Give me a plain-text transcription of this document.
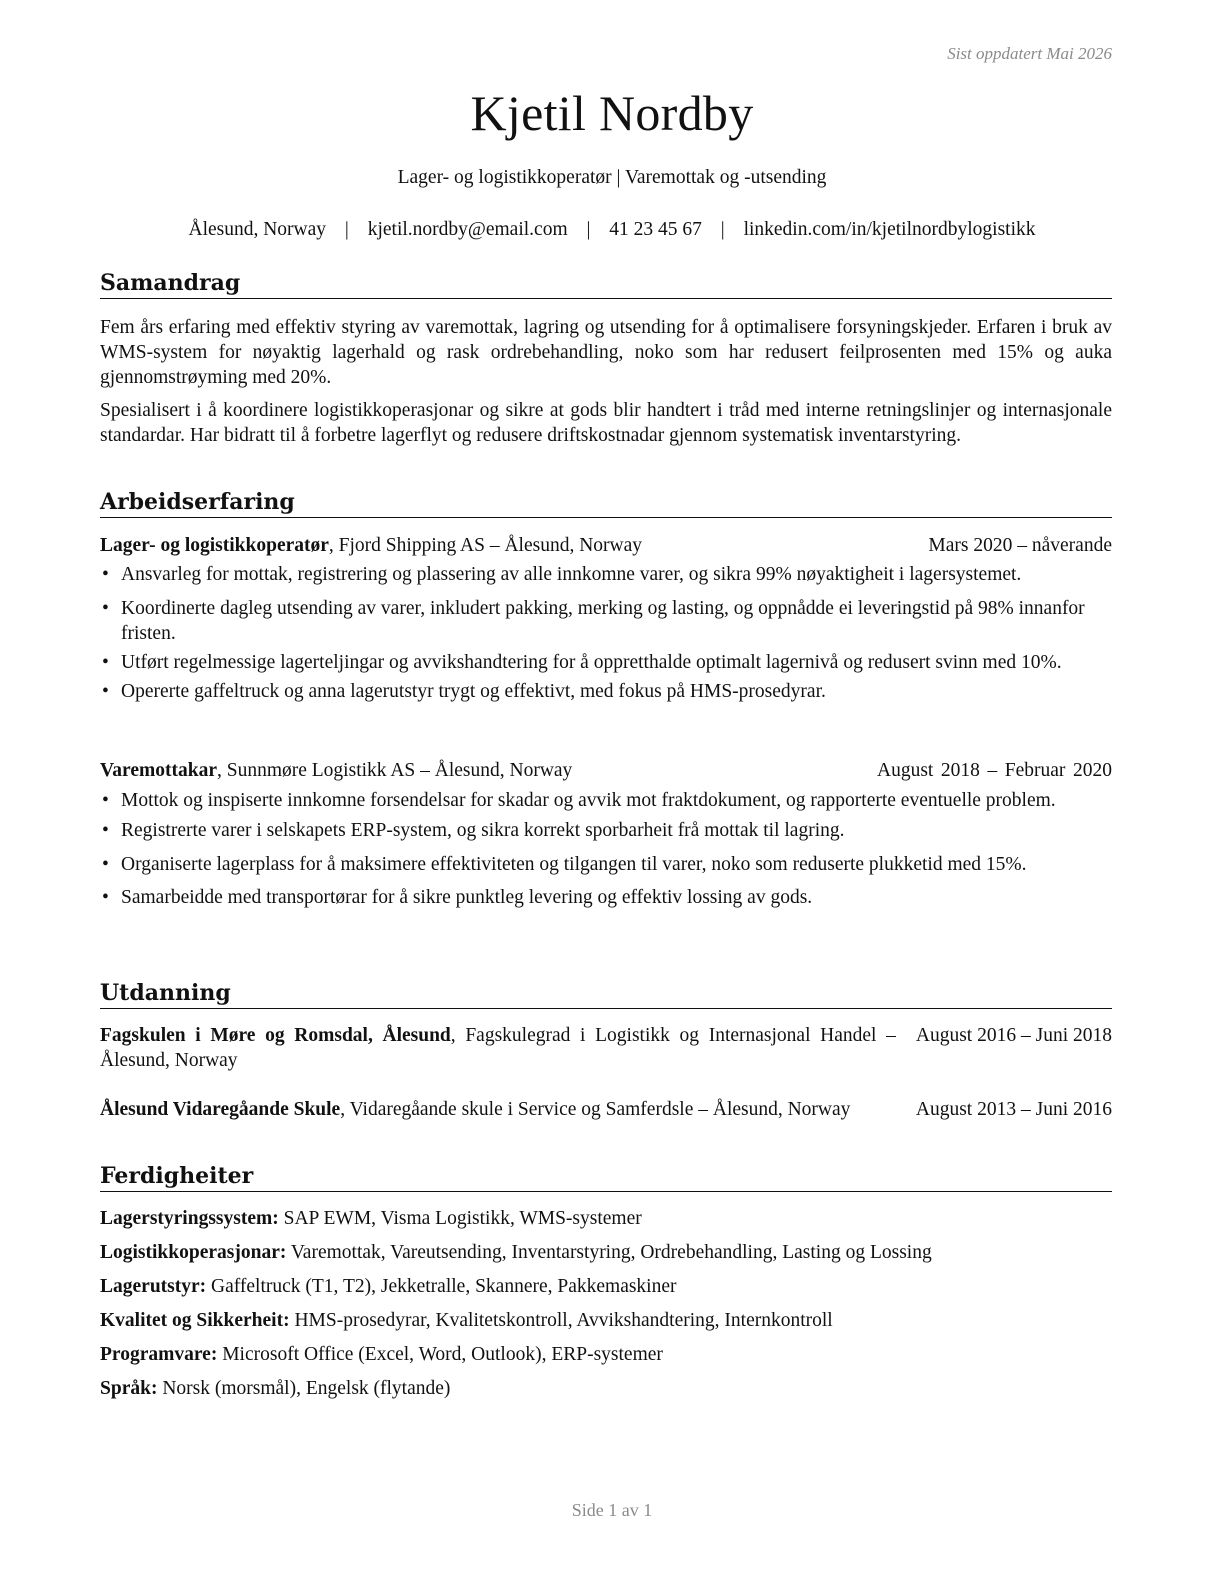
Sist oppdatert Mai 2026
Kjetil Nordby
Lager- og logistikkoperatør | Varemottak og -utsending
Ålesund, Norway | kjetil.nordby@email.com | 41 23 45 67 | linkedin.com/in/kjetilnordbylogistikk
Samandrag

Fem års erfaring med effektiv styring av varemottak, lagring og utsending for å optimalisere forsyningskjeder. Erfaren i bruk av WMS-system for nøyaktig lagerhald og rask ordrebehandling, noko som har redusert feilprosenten med 15% og auka gjennomstrøyming med 20%.

Spesialisert i å koordinere logistikkoperasjonar og sikre at gods blir handtert i tråd med interne retningslinjer og internasjonale standardar. Har bidratt til å forbetre lagerflyt og redusere driftskostnadar gjennom systematisk inventarstyring.

Arbeidserfaring
Lager- og logistikkoperatør, Fjord Shipping AS – Ålesund, Norway	Mars 2020 – nåverande
• Ansvarleg for mottak, registrering og plassering av alle innkomne varer, og sikra 99% nøyaktigheit i lagersystemet.
• Koordinerte dagleg utsending av varer, inkludert pakking, merking og lasting, og oppnådde ei leveringstid på 98% innanfor fristen.
• Utført regelmessige lagerteljingar og avvikshandtering for å oppretthalde optimalt lagernivå og redusert svinn med 10%.
• Opererte gaffeltruck og anna lagerutstyr trygt og effektivt, med fokus på HMS-prosedyrar.
Varemottakar, Sunnmøre Logistikk AS – Ålesund, Norway	August 2018 – Februar 2020
• Mottok og inspiserte innkomne forsendelsar for skadar og avvik mot fraktdokument, og rapporterte eventuelle problem.
• Registrerte varer i selskapets ERP-system, og sikra korrekt sporbarheit frå mottak til lagring.
• Organiserte lagerplass for å maksimere effektiviteten og tilgangen til varer, noko som reduserte plukketid med 15%.
• Samarbeidde med transportørar for å sikre punktleg levering og effektiv lossing av gods.
Utdanning
Fagskulen i Møre og Romsdal, Ålesund, Fagskulegrad i Logistikk og Internasjonal Handel – Ålesund, Norway
August 2016 – Juni 2018
Ålesund Vidaregåande Skule, Vidaregåande skule i Service og Samferdsle – Ålesund, Norway	August 2013 – Juni 2016
Ferdigheiter

Lagerstyringssystem: SAP EWM, Visma Logistikk, WMS-systemer

Logistikkoperasjonar: Varemottak, Vareutsending, Inventarstyring, Ordrebehandling, Lasting og Lossing

Lagerutstyr: Gaffeltruck (T1, T2), Jekketralle, Skannere, Pakkemaskiner

Kvalitet og Sikkerheit: HMS-prosedyrar, Kvalitetskontroll, Avvikshandtering, Internkontroll

Programvare: Microsoft Office (Excel, Word, Outlook), ERP-systemer

Språk: Norsk (morsmål), Engelsk (flytande)

Side 1 av 1
